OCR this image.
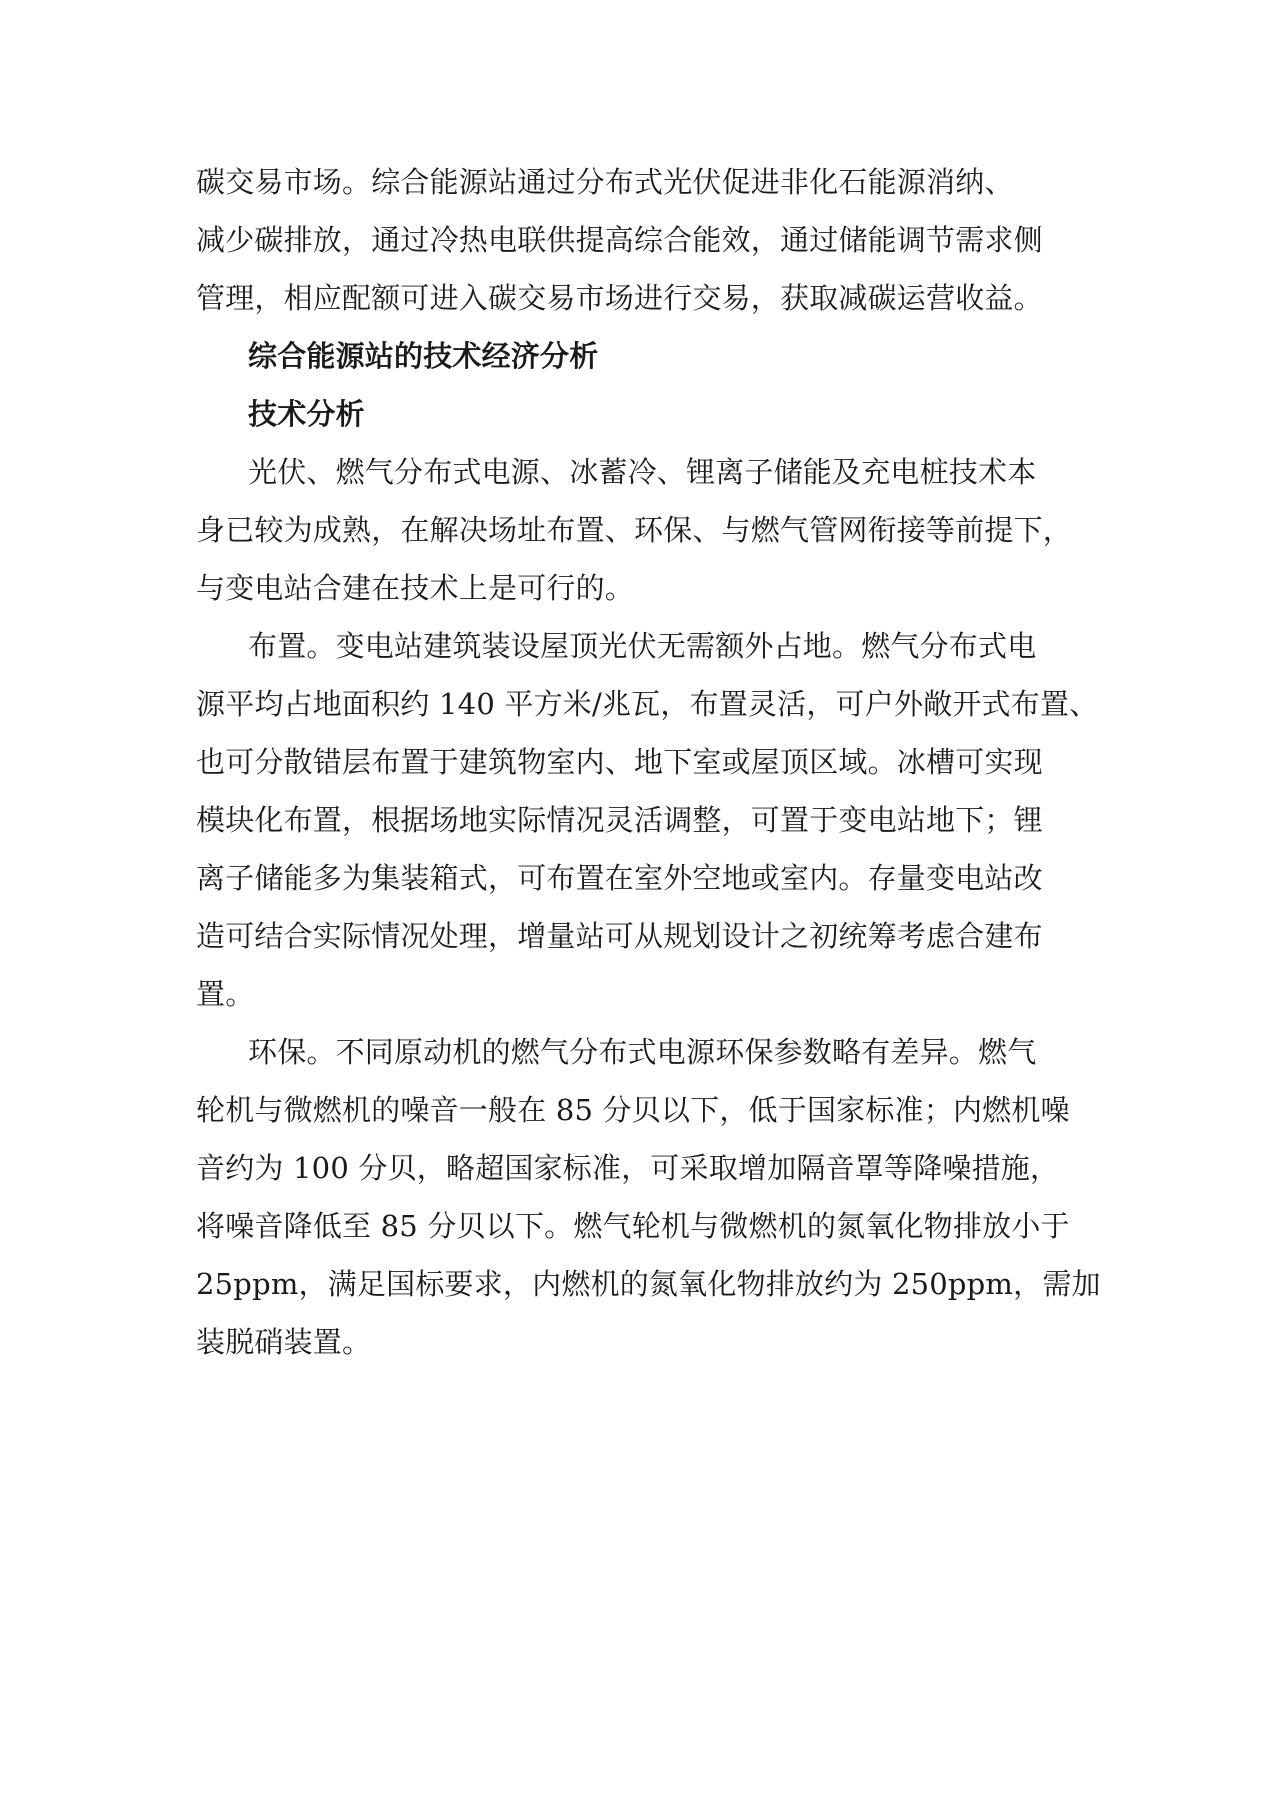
碳交易市场。综合能源站通过分布式光伏促进非化石能源消纳、
减少碳排放，通过冷热电联供提高综合能效，通过储能调节需求侧
管理，相应配额可进入碳交易市场进行交易，获取减碳运营收益。
综合能源站的技术经济分析
技术分析
光伏、燃气分布式电源、冰蓄冷、锂离子储能及充电桩技术本
身已较为成熟，在解决场址布置、环保、与燃气管网衔接等前提下，
与变电站合建在技术上是可行的。
布置。变电站建筑装设屋顶光伏无需额外占地。燃气分布式电
源平均占地面积约 140 平方米/兆瓦，布置灵活，可户外敞开式布置、
也可分散错层布置于建筑物室内、地下室或屋顶区域。冰槽可实现
模块化布置，根据场地实际情况灵活调整，可置于变电站地下；锂
离子储能多为集装箱式，可布置在室外空地或室内。存量变电站改
造可结合实际情况处理，增量站可从规划设计之初统筹考虑合建布
置。
环保。不同原动机的燃气分布式电源环保参数略有差异。燃气
轮机与微燃机的噪音一般在 85 分贝以下，低于国家标准；内燃机噪
音约为 100 分贝，略超国家标准，可采取增加隔音罩等降噪措施，
将噪音降低至 85 分贝以下。燃气轮机与微燃机的氮氧化物排放小于
25ppm，满足国标要求，内燃机的氮氧化物排放约为 250ppm，需加
装脱硝装置。
